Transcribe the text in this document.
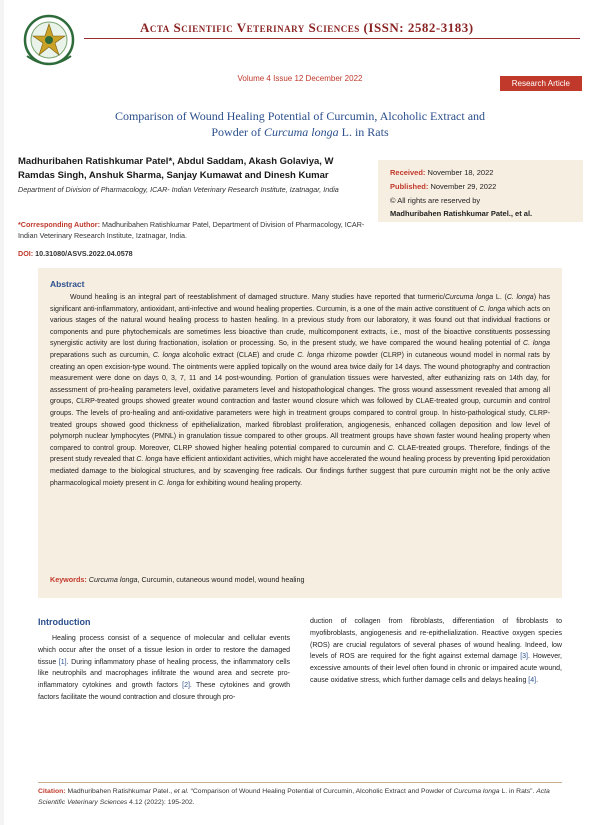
Acta Scientific Veterinary Sciences (ISSN: 2582-3183)
Volume 4 Issue 12 December 2022
Research Article
Comparison of Wound Healing Potential of Curcumin, Alcoholic Extract and
Powder of Curcuma longa L. in Rats
Madhuribahen Ratishkumar Patel*, Abdul Saddam, Akash Golaviya, W Ramdas Singh, Anshuk Sharma, Sanjay Kumawat and Dinesh Kumar
Department of Division of Pharmacology, ICAR- Indian Veterinary Research Institute, Izatnagar, India
*Corresponding Author: Madhuribahen Ratishkumar Patel, Department of Division of Pharmacology, ICAR- Indian Veterinary Research Institute, Izatnagar, India.
DOI: 10.31080/ASVS.2022.04.0578
Received: November 18, 2022
Published: November 29, 2022
© All rights are reserved by
Madhuribahen Ratishkumar Patel., et al.
Abstract
Wound healing is an integral part of reestablishment of damaged structure. Many studies have reported that turmeric/Curcuma longa L. (C. longa) has significant anti-inflammatory, antioxidant, anti-infective and wound healing properties. Curcumin, is a one of the main active constituent of C. longa which acts on various stages of the natural wound healing process to hasten healing. In a previous study from our laboratory, it was found out that individual fractions or components and pure phytochemicals are sometimes less bioactive than crude, multicomponent extracts, i.e., most of the bioactive constituents possessing synergistic activity are lost during fractionation, isolation or processing. So, in the present study, we have compared the wound healing potential of C. longa preparations such as curcumin, C. longa alcoholic extract (CLAE) and crude C. longa rhizome powder (CLRP) in cutaneous wound model in normal rats by creating an open excision-type wound. The ointments were applied topically on the wound area twice daily for 14 days. The wound photography and contraction measurement were done on days 0, 3, 7, 11 and 14 post-wounding. Portion of granulation tissues were harvested, after euthanizing rats on 14th day, for assessment of pro-healing parameters level, oxidative parameters level and histopathological changes. The gross wound assessment revealed that among all groups, CLRP-treated groups showed greater wound contraction and faster wound closure which was followed by CLAE-treated group, curcumin and control groups. The levels of pro-healing and anti-oxidative parameters were high in treatment groups compared to control group. In histo-pathological study, CLRP-treated groups showed good thickness of epithelialization, marked fibroblast proliferation, angiogenesis, enhanced collagen deposition and low level of polymorph nuclear lymphocytes (PMNL) in granulation tissue compared to other groups. All treatment groups have shown faster wound healing property when compared to control group. Moreover, CLRP showed higher healing potential compared to curcumin and C. CLAE-treated groups. Therefore, findings of the present study revealed that C. longa have efficient antioxidant activities, which might have accelerated the wound healing process by preventing lipid peroxidation mediated damage to the biological structures, and by scavenging free radicals. Our findings further suggest that pure curcumin might not be the only active pharmacological moiety present in C. longa for exhibiting wound healing property.
Keywords: Curcuma longa, Curcumin, cutaneous wound model, wound healing
Introduction
Healing process consist of a sequence of molecular and cellular events which occur after the onset of a tissue lesion in order to restore the damaged tissue [1]. During inflammatory phase of healing process, the inflammatory cells like neutrophils and macrophages infiltrate the wound area and secrete pro-inflammatory cytokines and growth factors [2]. These cytokines and growth factors facilitate the wound contraction and closure through pro-
duction of collagen from fibroblasts, differentiation of fibroblasts to myofibroblasts, angiogenesis and re-epithelialization. Reactive oxygen species (ROS) are crucial regulators of several phases of wound healing. Indeed, low levels of ROS are required for the fight against external damage [3]. However, excessive amounts of their level often found in chronic or impaired acute wound, cause oxidative stress, which further damage cells and delays healing [4].
Citation: Madhuribahen Ratishkumar Patel., et al. “Comparison of Wound Healing Potential of Curcumin, Alcoholic Extract and Powder of Curcuma longa L. in Rats”. Acta Scientific Veterinary Sciences 4.12 (2022): 195-202.
